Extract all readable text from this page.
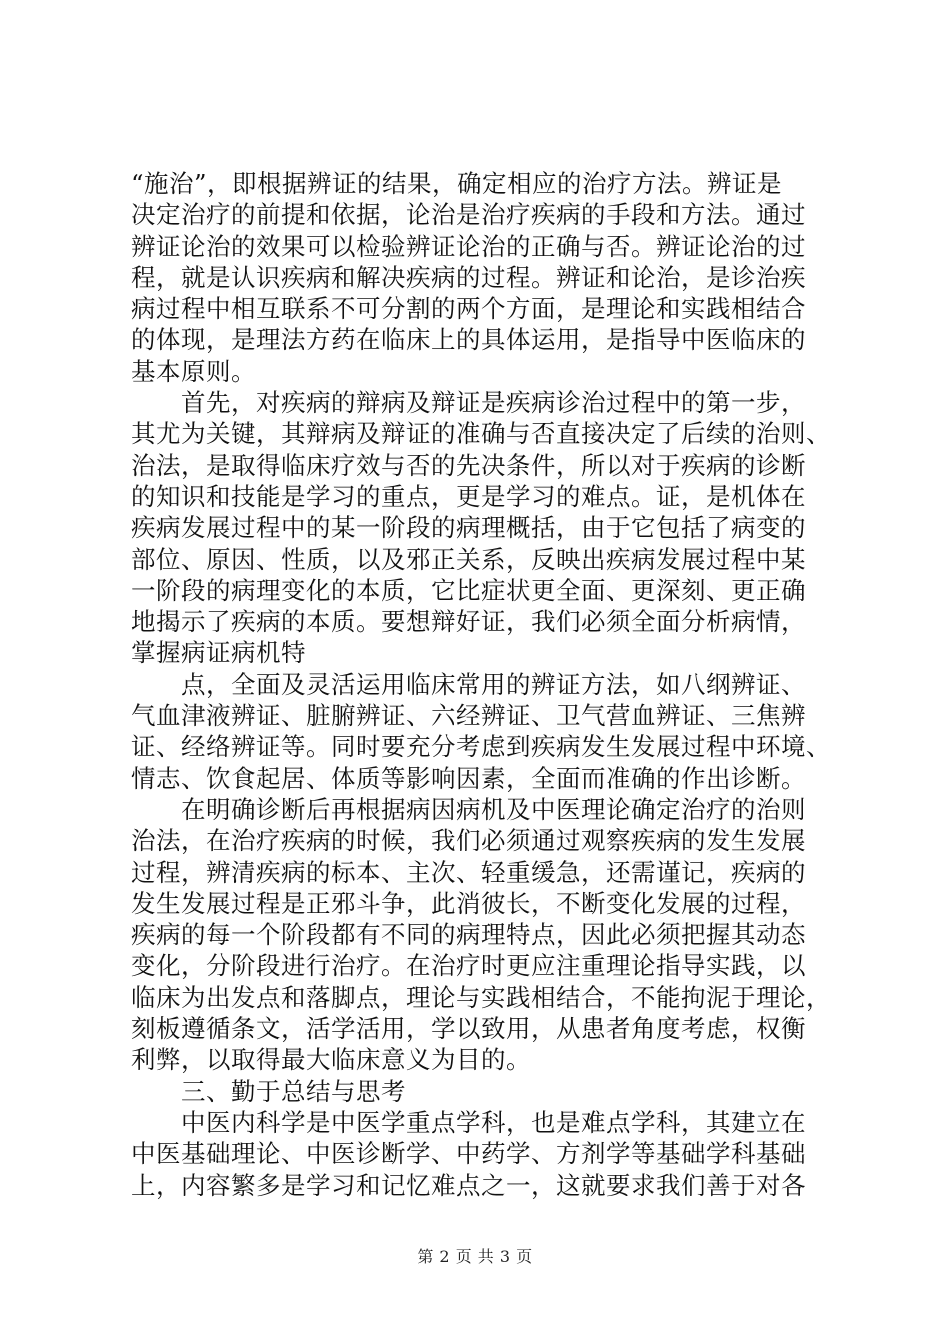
“施治”，即根据辨证的结果，确定相应的治疗方法。辨证是
决定治疗的前提和依据，论治是治疗疾病的手段和方法。通过
辨证论治的效果可以检验辨证论治的正确与否。辨证论治的过
程，就是认识疾病和解决疾病的过程。辨证和论治，是诊治疾
病过程中相互联系不可分割的两个方面，是理论和实践相结合
的体现，是理法方药在临床上的具体运用，是指导中医临床的
基本原则。
　　首先，对疾病的辩病及辩证是疾病诊治过程中的第一步，
其尤为关键，其辩病及辩证的准确与否直接决定了后续的治则、
治法，是取得临床疗效与否的先决条件，所以对于疾病的诊断
的知识和技能是学习的重点，更是学习的难点。证，是机体在
疾病发展过程中的某一阶段的病理概括，由于它包括了病变的
部位、原因、性质，以及邪正关系，反映出疾病发展过程中某
一阶段的病理变化的本质，它比症状更全面、更深刻、更正确
地揭示了疾病的本质。要想辩好证，我们必须全面分析病情，
掌握病证病机特
　　点，全面及灵活运用临床常用的辨证方法，如八纲辨证、
气血津液辨证、脏腑辨证、六经辨证、卫气营血辨证、三焦辨
证、经络辨证等。同时要充分考虑到疾病发生发展过程中环境、
情志、饮食起居、体质等影响因素，全面而准确的作出诊断。
　　在明确诊断后再根据病因病机及中医理论确定治疗的治则
治法，在治疗疾病的时候，我们必须通过观察疾病的发生发展
过程，辨清疾病的标本、主次、轻重缓急，还需谨记，疾病的
发生发展过程是正邪斗争，此消彼长，不断变化发展的过程，
疾病的每一个阶段都有不同的病理特点，因此必须把握其动态
变化，分阶段进行治疗。在治疗时更应注重理论指导实践，以
临床为出发点和落脚点，理论与实践相结合，不能拘泥于理论，
刻板遵循条文，活学活用，学以致用，从患者角度考虑，权衡
利弊，以取得最大临床意义为目的。
　　三、勤于总结与思考
　　中医内科学是中医学重点学科，也是难点学科，其建立在
中医基础理论、中医诊断学、中药学、方剂学等基础学科基础
上，内容繁多是学习和记忆难点之一，这就要求我们善于对各
第 2 页 共 3 页
